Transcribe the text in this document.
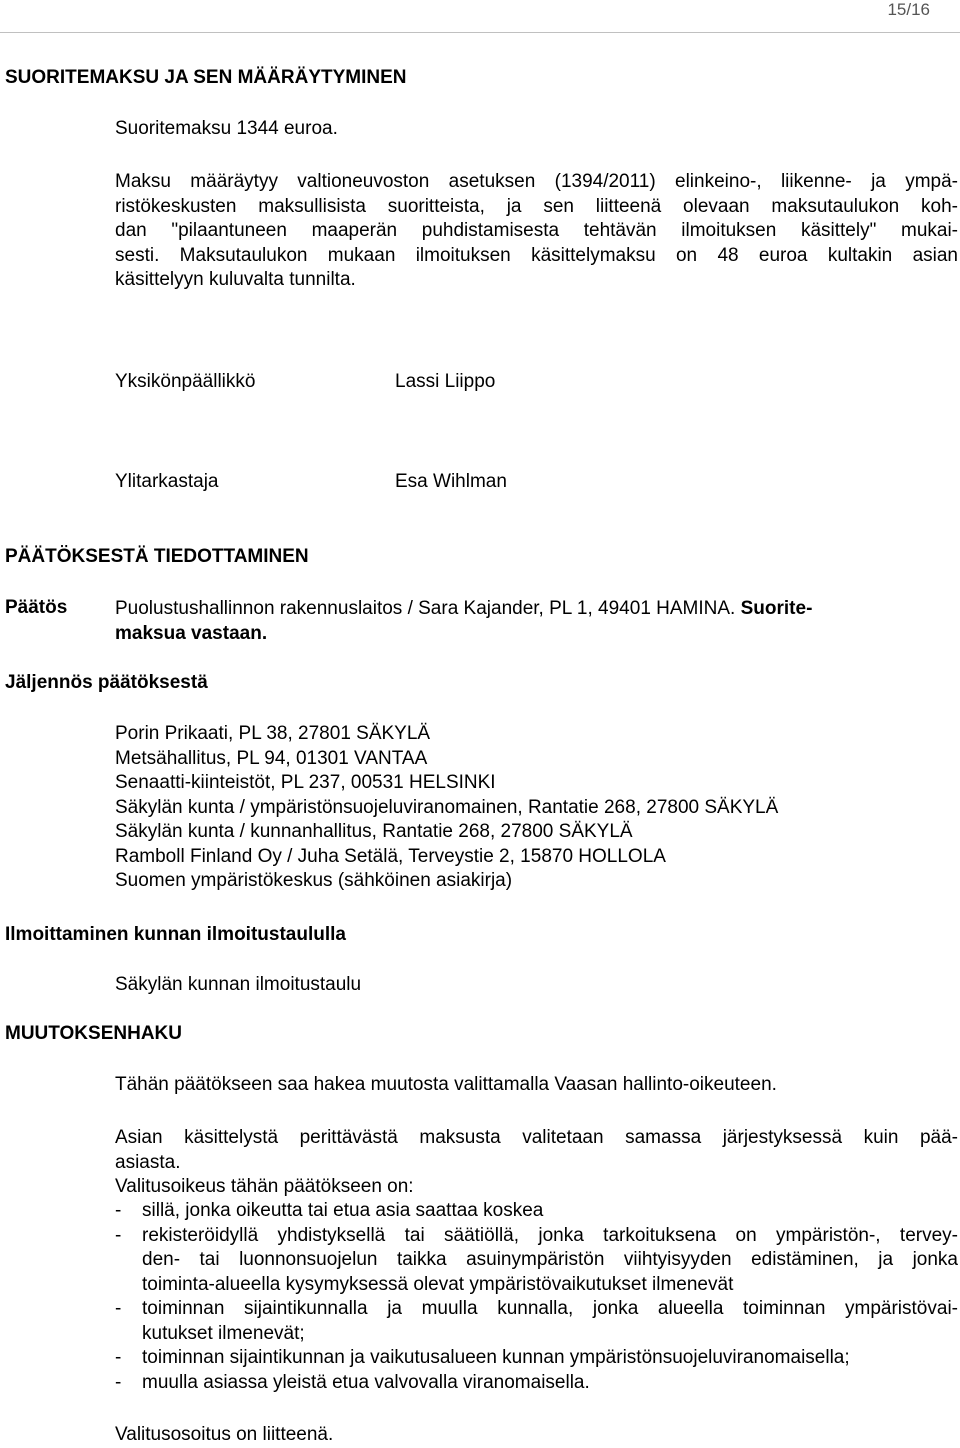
15/16
SUORITEMAKSU JA SEN MÄÄRÄYTYMINEN
Suoritemaksu 1344 euroa.
Maksu määräytyy valtioneuvoston asetuksen (1394/2011) elinkeino-, liikenne- ja ympä-
ristökeskusten maksullisista suoritteista, ja sen liitteenä olevaan maksutaulukon koh-
dan "pilaantuneen maaperän puhdistamisesta tehtävän ilmoituksen käsittely" mukai-
sesti. Maksutaulukon mukaan ilmoituksen käsittelymaksu on 48 euroa kultakin asian
käsittelyyn kuluvalta tunnilta.
Yksikönpäällikkö	Lassi Liippo
Ylitarkastaja	Esa Wihlman
PÄÄTÖKSESTÄ TIEDOTTAMINEN
Päätös	Puolustushallinnon rakennuslaitos / Sara Kajander, PL 1, 49401 HAMINA. Suorite-
maksua vastaan.
Jäljennös päätöksestä
Porin Prikaati, PL 38, 27801 SÄKYLÄ
Metsähallitus, PL 94, 01301 VANTAA
Senaatti-kiinteistöt, PL 237, 00531 HELSINKI
Säkylän kunta / ympäristönsuojeluviranomainen, Rantatie 268, 27800 SÄKYLÄ
Säkylän kunta / kunnanhallitus, Rantatie 268, 27800 SÄKYLÄ
Ramboll Finland Oy / Juha Setälä, Terveystie 2, 15870 HOLLOLA
Suomen ympäristökeskus (sähköinen asiakirja)
Ilmoittaminen kunnan ilmoitustaululla
Säkylän kunnan ilmoitustaulu
MUUTOKSENHAKU
Tähän päätökseen saa hakea muutosta valittamalla Vaasan hallinto-oikeuteen.
Asian käsittelystä perittävästä maksusta valitetaan samassa järjestyksessä kuin pää-
asiasta.
Valitusoikeus tähän päätökseen on:
-	sillä, jonka oikeutta tai etua asia saattaa koskea
-	rekisteröidyllä yhdistyksellä tai säätiöllä, jonka tarkoituksena on ympäristön-, tervey-
den- tai luonnonsuojelun taikka asuinympäristön viihtyisyyden edistäminen, ja jonka
toiminta-alueella kysymyksessä olevat ympäristövaikutukset ilmenevät
-	toiminnan sijaintikunnalla ja muulla kunnalla, jonka alueella toiminnan ympäristövai-
kutukset ilmenevät;
-	toiminnan sijaintikunnan ja vaikutusalueen kunnan ympäristönsuojeluviranomaisella;
-	muulla asiassa yleistä etua valvovalla viranomaisella.
Valitusosoitus on liitteenä.
